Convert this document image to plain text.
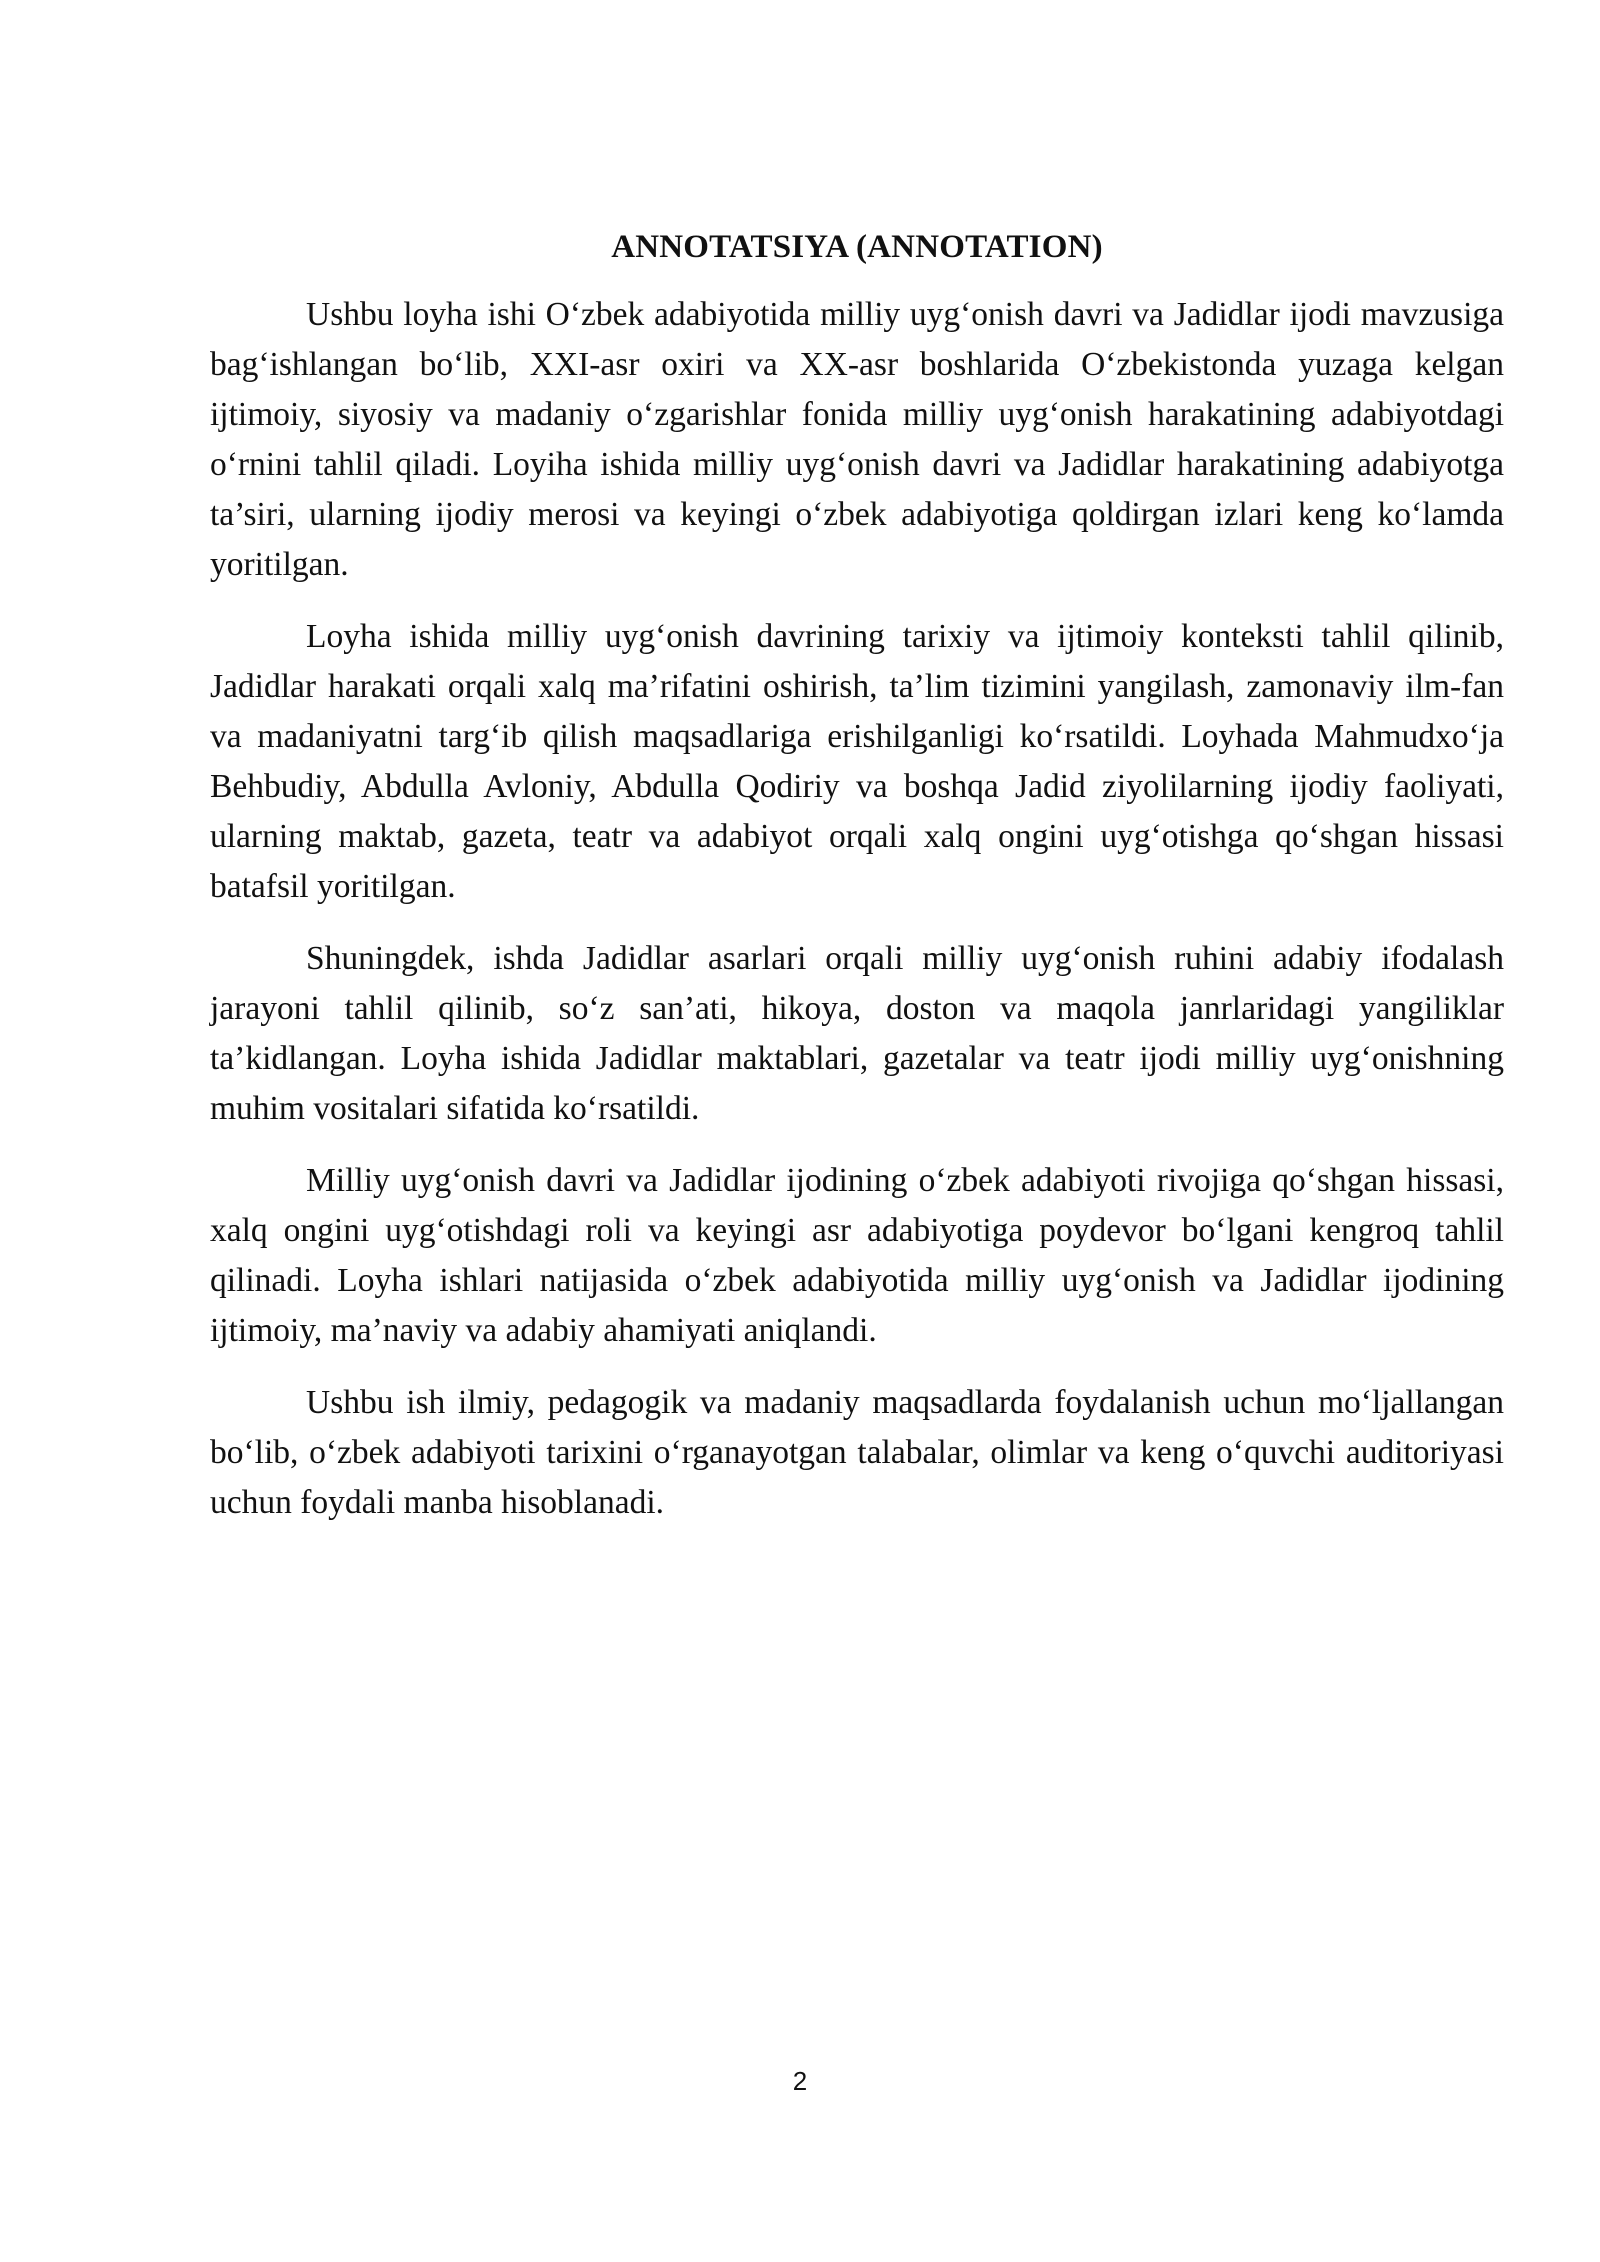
ANNOTATSIYA (ANNOTATION)

Ushbu loyha ishi O‘zbek adabiyotida milliy uyg‘onish davri va Jadidlar ijodi mavzusiga bag‘ishlangan bo‘lib, XXI-asr oxiri va XX-asr boshlarida O‘zbekistonda yuzaga kelgan ijtimoiy, siyosiy va madaniy o‘zgarishlar fonida milliy uyg‘onish harakatining adabiyotdagi o‘rnini tahlil qiladi. Loyiha ishida milliy uyg‘onish davri va Jadidlar harakatining adabiyotga ta’siri, ularning ijodiy merosi va keyingi o‘zbek adabiyotiga qoldirgan izlari keng ko‘lamda yoritilgan.

Loyha ishida milliy uyg‘onish davrining tarixiy va ijtimoiy konteksti tahlil qilinib, Jadidlar harakati orqali xalq ma’rifatini oshirish, ta’lim tizimini yangilash, zamonaviy ilm-fan va madaniyatni targ‘ib qilish maqsadlariga erishilganligi ko‘rsatildi. Loyhada Mahmudxo‘ja Behbudiy, Abdulla Avloniy, Abdulla Qodiriy va boshqa Jadid ziyolilarning ijodiy faoliyati, ularning maktab, gazeta, teatr va adabiyot orqali xalq ongini uyg‘otishga qo‘shgan hissasi batafsil yoritilgan.

Shuningdek, ishda Jadidlar asarlari orqali milliy uyg‘onish ruhini adabiy ifodalash jarayoni tahlil qilinib, so‘z san’ati, hikoya, doston va maqola janrlaridagi yangiliklar ta’kidlangan. Loyha ishida Jadidlar maktablari, gazetalar va teatr ijodi milliy uyg‘onishning muhim vositalari sifatida ko‘rsatildi.

Milliy uyg‘onish davri va Jadidlar ijodining o‘zbek adabiyoti rivojiga qo‘shgan hissasi, xalq ongini uyg‘otishdagi roli va keyingi asr adabiyotiga poydevor bo‘lgani kengroq tahlil qilinadi. Loyha ishlari natijasida o‘zbek adabiyotida milliy uyg‘onish va Jadidlar ijodining ijtimoiy, ma’naviy va adabiy ahamiyati aniqlandi.

Ushbu ish ilmiy, pedagogik va madaniy maqsadlarda foydalanish uchun mo‘ljallangan bo‘lib, o‘zbek adabiyoti tarixini o‘rganayotgan talabalar, olimlar va keng o‘quvchi auditoriyasi uchun foydali manba hisoblanadi.

2
